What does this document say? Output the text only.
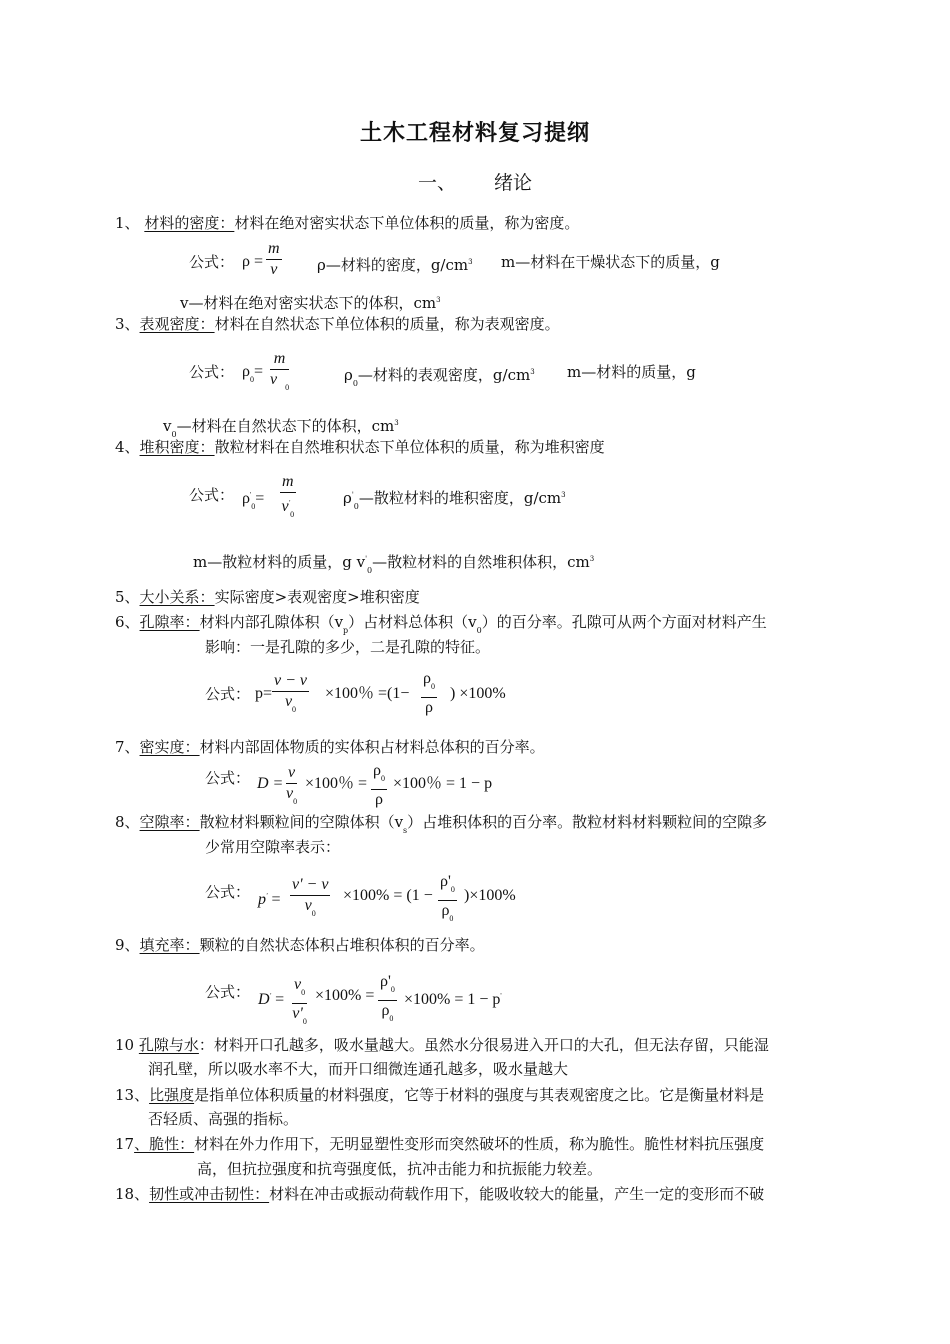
土木工程材料复习提纲
一、 绪论
1、 材料的密度：材料在绝对密实状态下单位体积的质量，称为密度。
公式： $\rho = \frac{m}{v}$ ρ—材料的密度，$g/cm^3$ m—材料在干燥状态下的质量，g
v—材料在绝对密实状态下的体积，$cm^3$
3、表观密度：材料在自然状态下单位体积的质量，称为表观密度。
公式： $\rho_0= \frac{m}{v _0}$	$\rho_0—$材料的表观密度，$g/cm^3$ m—材料的质量，g
$v_0—$材料在自然状态下的体积，$cm^3$
4、堆积密度：散粒材料在自然堆积状态下单位体积的质量，称为堆积密度
公式： $\rho'_0= \frac{m}{v'_0}$	$\rho'_0—$散粒材料的堆积密度，$g/cm^3$
m—散粒材料的质量，g $v'_0—$散粒材料的自然堆积体积，$cm^3$
5、大小关系：实际密度>表观密度>堆积密度
6、孔隙率：材料内部孔隙体积$(v_p)$占材料总体积$(v_0)$的百分率。孔隙可从两个方面对材料产生
影响：一是孔隙的多少，二是孔隙的特征。
公式： $p= \frac{v - v}{v_0} \times 100$％ $=(1- \frac{\rho_0}{\rho}$ ) ×100%
7、密实度：材料内部固体物质的实体积占材料总体积的百分率。
公式： $D = \frac{v}{v_0} \times 100$％ = $\frac{\rho_0}{\rho} \times 100$％ = 1 − p
8、空隙率：散粒材料颗粒间的空隙体积$(v_s)$占堆积体积的百分率。散粒材料材料颗粒间的空隙多
少常用空隙率表示：
公式： $p' = \frac{v' - v}{v_0} \times 100\% = (1 - \frac{\rho'_0}{\rho_0} )\times 100\%$
9、填充率：颗粒的自然状态体积占堆积体积的百分率。
公式： $D' = \frac{v_0}{v'_0} \times 100\% = \frac{\rho'_0}{\rho_0} \times 100\% = 1 - p'$
10 孔隙与水：材料开口孔越多，吸水量越大。虽然水分很易进入开口的大孔，但无法存留，只能湿
润孔壁，所以吸水率不大，而开口细微连通孔越多，吸水量越大
13、比强度是指单位体积质量的材料强度，它等于材料的强度与其表观密度之比。它是衡量材料是
否轻质、高强的指标。
17、脆性：材料在外力作用下，无明显塑性变形而突然破坏的性质，称为脆性。脆性材料抗压强度
高，但抗拉强度和抗弯强度低，抗冲击能力和抗振能力较差。
18、韧性或冲击韧性：材料在冲击或振动荷载作用下，能吸收较大的能量，产生一定的变形而不破
